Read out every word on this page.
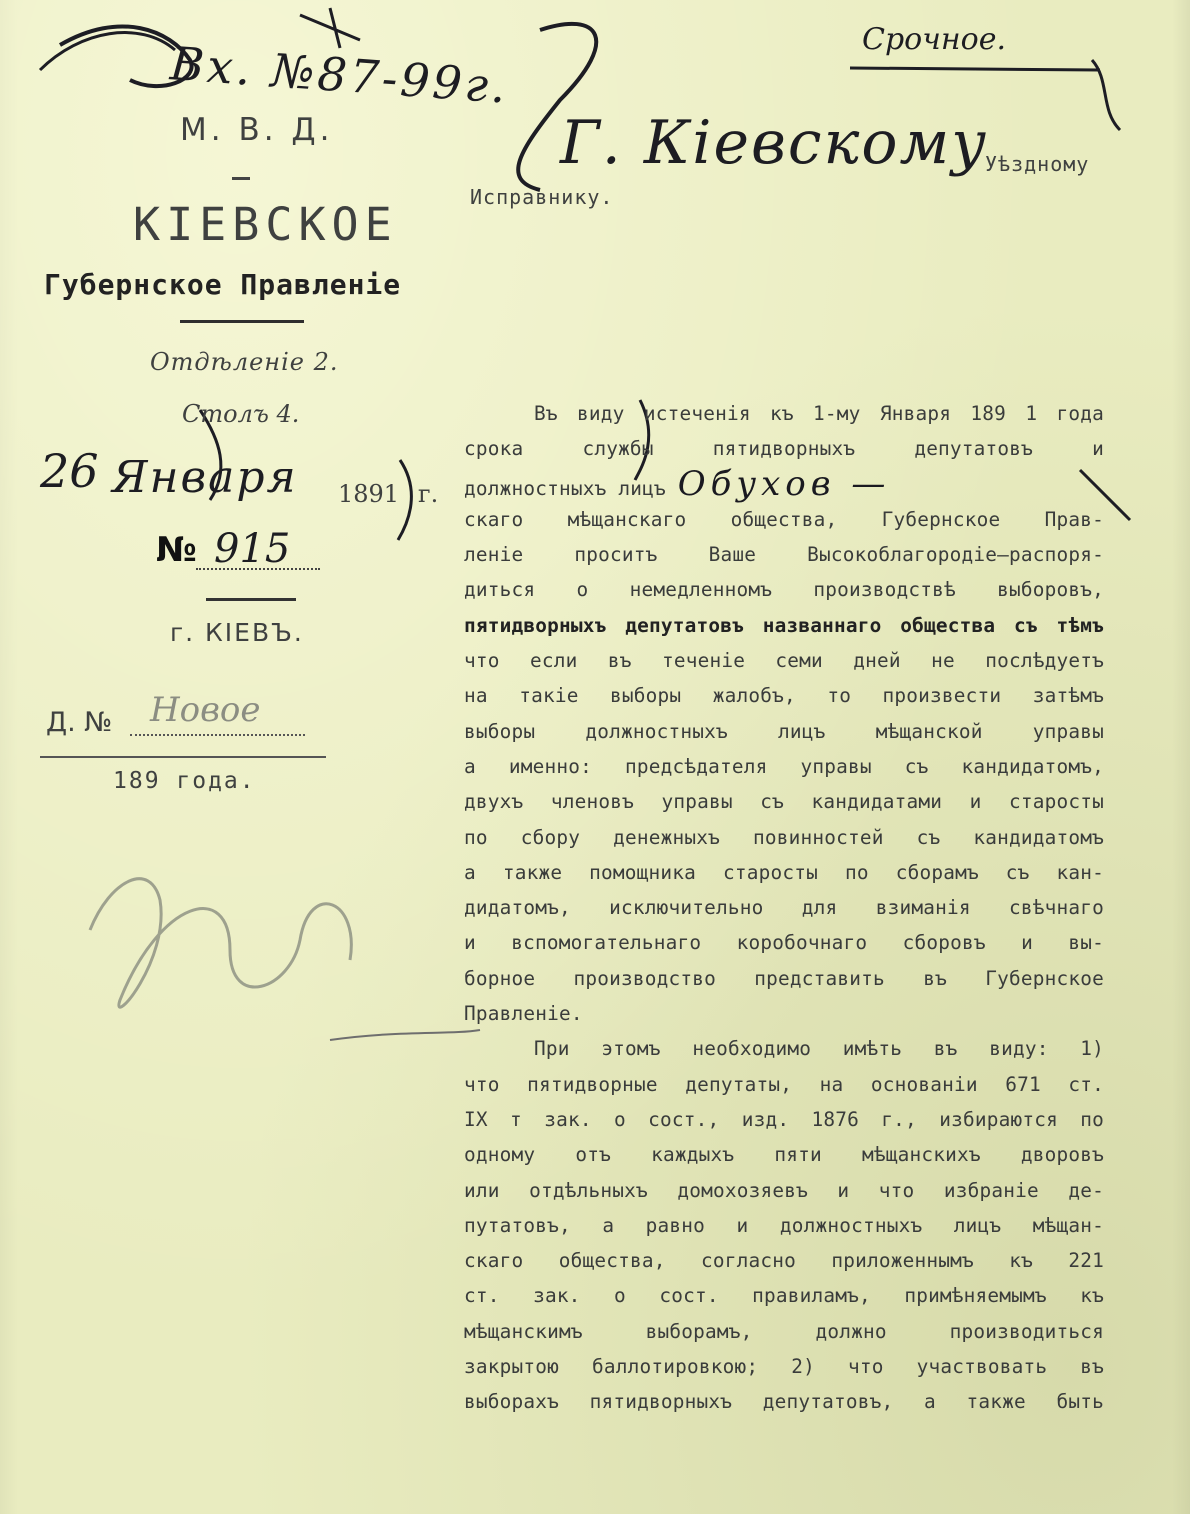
Вх. №87-99г.	Срочное.
Г. Кіевскому
М. В. Д.
КІЕВСКОЕ
Губернское Правленіе
Отдѣленіе 2.
Столъ 4.
26 Января 1891 г.
№ 915
г. КІЕВЪ.
Д. № Новое
189 года.
Уѣздному
Исправнику.
Въ виду истеченія къ 1-му Января 189 1 года
срока службы пятидворныхъ депутатовъ и
должностныхъ лицъ Обухов —
скаго мѣщанскаго общества, Губернское Прав-
леніе проситъ Ваше Высокоблагородіе—распоря-
диться о немедленномъ производствѣ выборовъ,
пятидворныхъ депутатовъ названнаго общества съ тѣмъ
что если въ теченіе семи дней не послѣдуетъ
на такіе выборы жалобъ, то произвести затѣмъ
выборы должностныхъ лицъ мѣщанской управы
а именно: предсѣдателя управы съ кандидатомъ,
двухъ членовъ управы съ кандидатами и старосты
по сбору денежныхъ повинностей съ кандидатомъ
а также помощника старосты по сборамъ съ кан-
дидатомъ, исключительно для взиманія свѣчнаго
и вспомогательнаго коробочнаго сборовъ и вы-
борное производство представить въ Губернское
Правленіе.
При этомъ необходимо имѣть въ виду: 1)
что пятидворные депутаты, на основаніи 671 ст.
IX т зак. о сост., изд. 1876 г., избираются по
одному отъ каждыхъ пяти мѣщанскихъ дворовъ
или отдѣльныхъ домохозяевъ и что избраніе де-
путатовъ, а равно и должностныхъ лицъ мѣщан-
скаго общества, согласно приложеннымъ къ 221
ст. зак. о сост. правиламъ, примѣняемымъ къ
мѣщанскимъ выборамъ, должно производиться
закрытою баллотировкою; 2) что участвовать въ
выборахъ пятидворныхъ депутатовъ, а также быть
